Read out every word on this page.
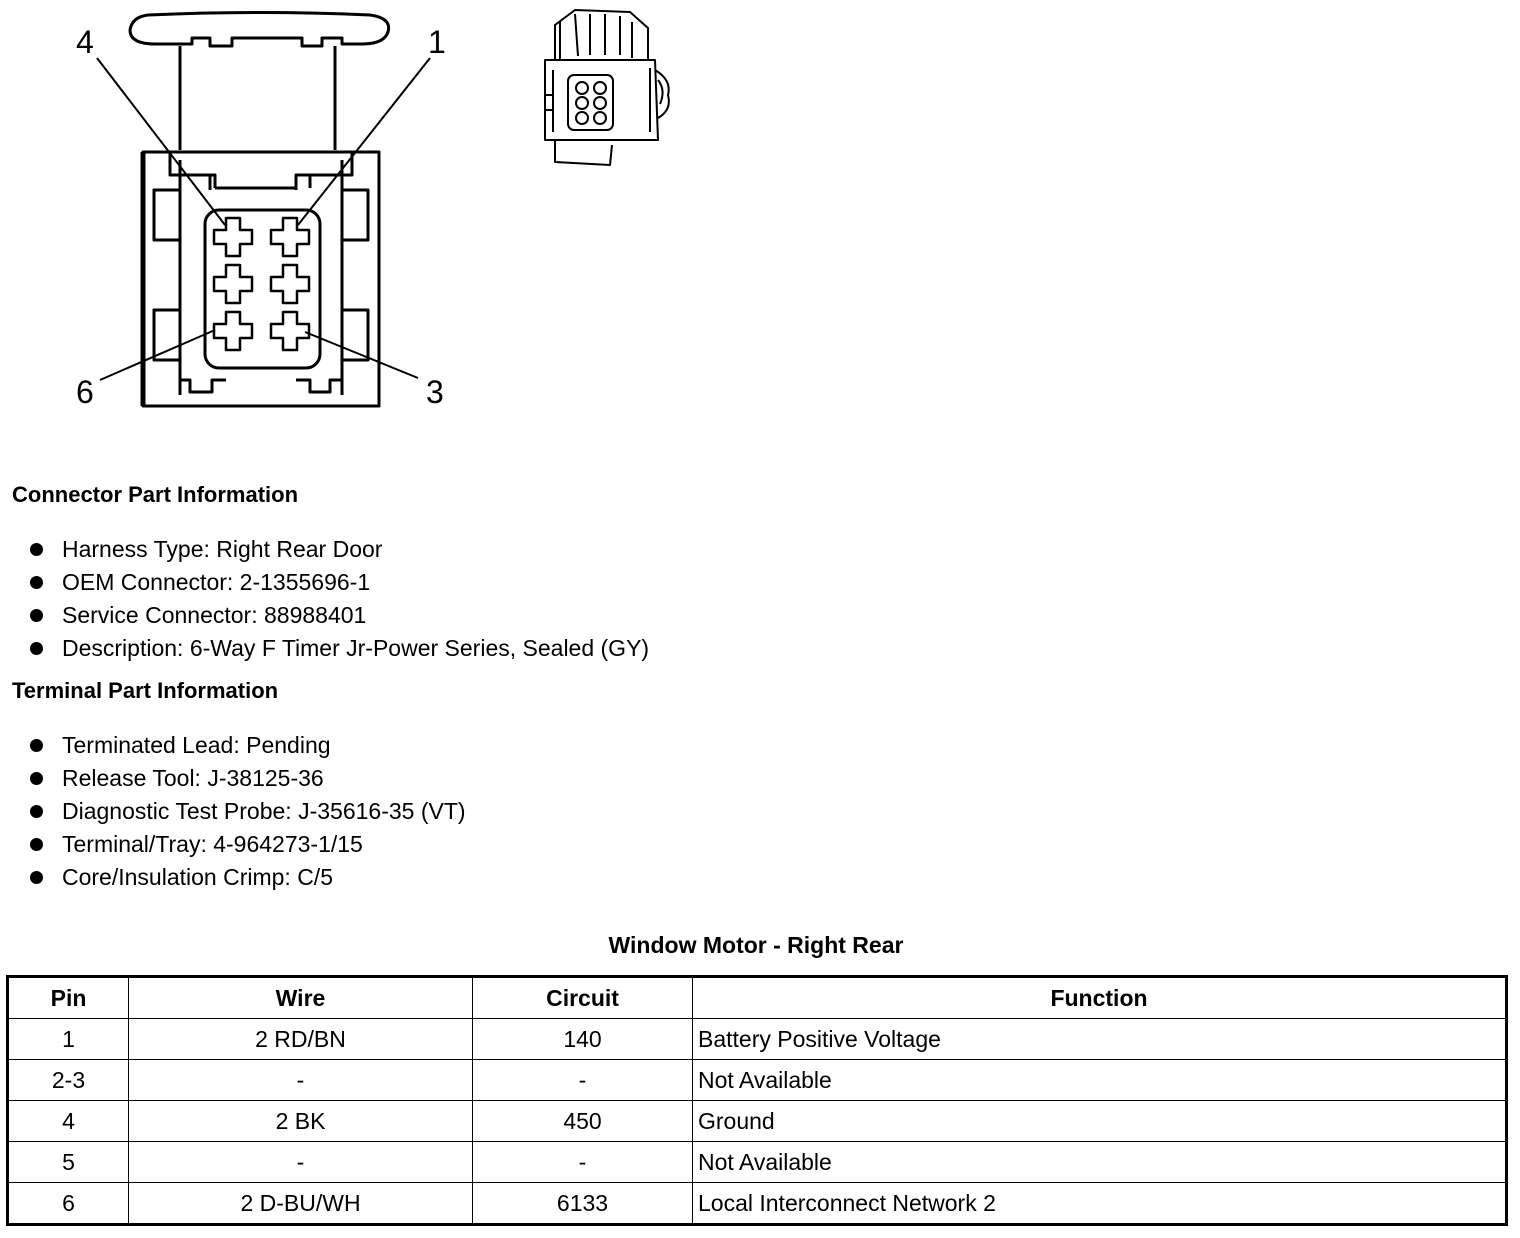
4	1
6	3
Connector Part Information
Harness Type: Right Rear Door
OEM Connector: 2-1355696-1
Service Connector: 88988401
Description: 6-Way F Timer Jr-Power Series, Sealed (GY)
Terminal Part Information
Terminated Lead: Pending
Release Tool: J-38125-36
Diagnostic Test Probe: J-35616-35 (VT)
Terminal/Tray: 4-964273-1/15
Core/Insulation Crimp: C/5
Window Motor - Right Rear
Pin	Wire	Circuit	Function
1	2 RD/BN	140	Battery Positive Voltage
2-3	-	-	Not Available
4	2 BK	450	Ground
5	-	-	Not Available
6	2 D-BU/WH	6133	Local Interconnect Network 2
